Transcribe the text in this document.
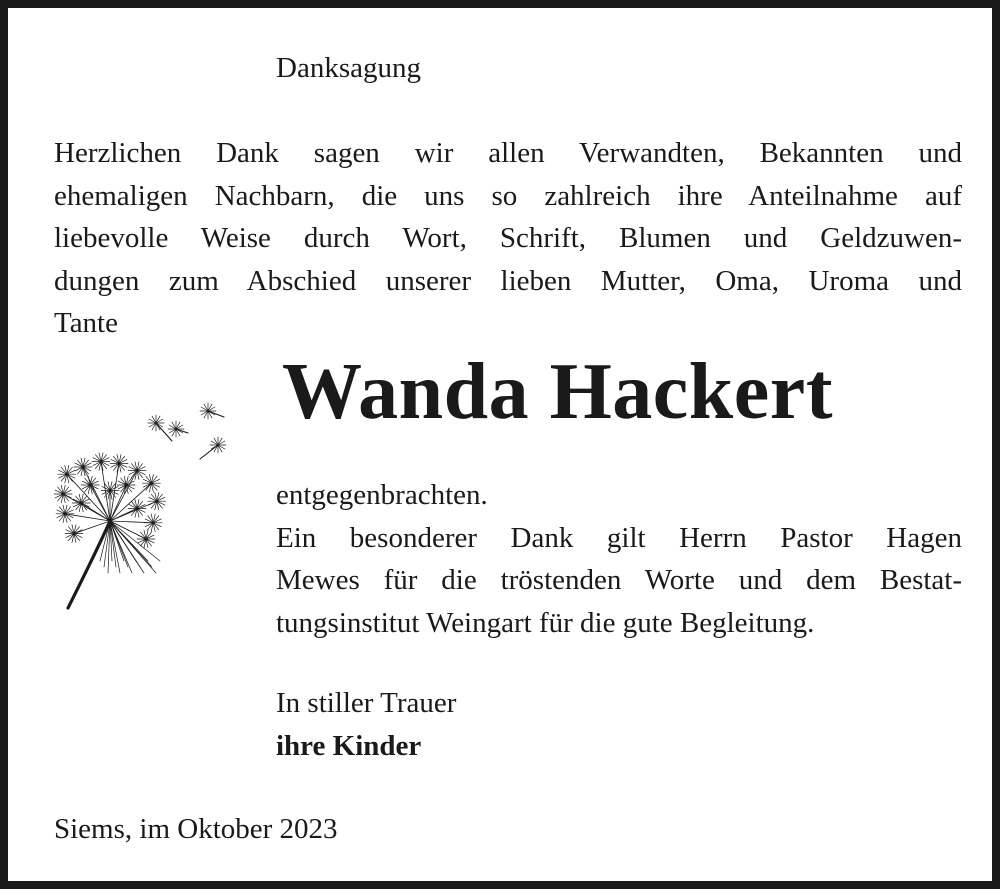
Danksagung
Herzlichen Dank sagen wir allen Verwandten, Bekannten und
ehemaligen Nachbarn, die uns so zahlreich ihre Anteilnahme auf
liebevolle Weise durch Wort, Schrift, Blumen und Geldzuwen-
dungen zum Abschied unserer lieben Mutter, Oma, Uroma und
Tante
Wanda Hackert
entgegenbrachten.
Ein besonderer Dank gilt Herrn Pastor Hagen
Mewes für die tröstenden Worte und dem Bestat-
tungsinstitut Weingart für die gute Begleitung.
In stiller Trauer
ihre Kinder
Siems, im Oktober 2023
